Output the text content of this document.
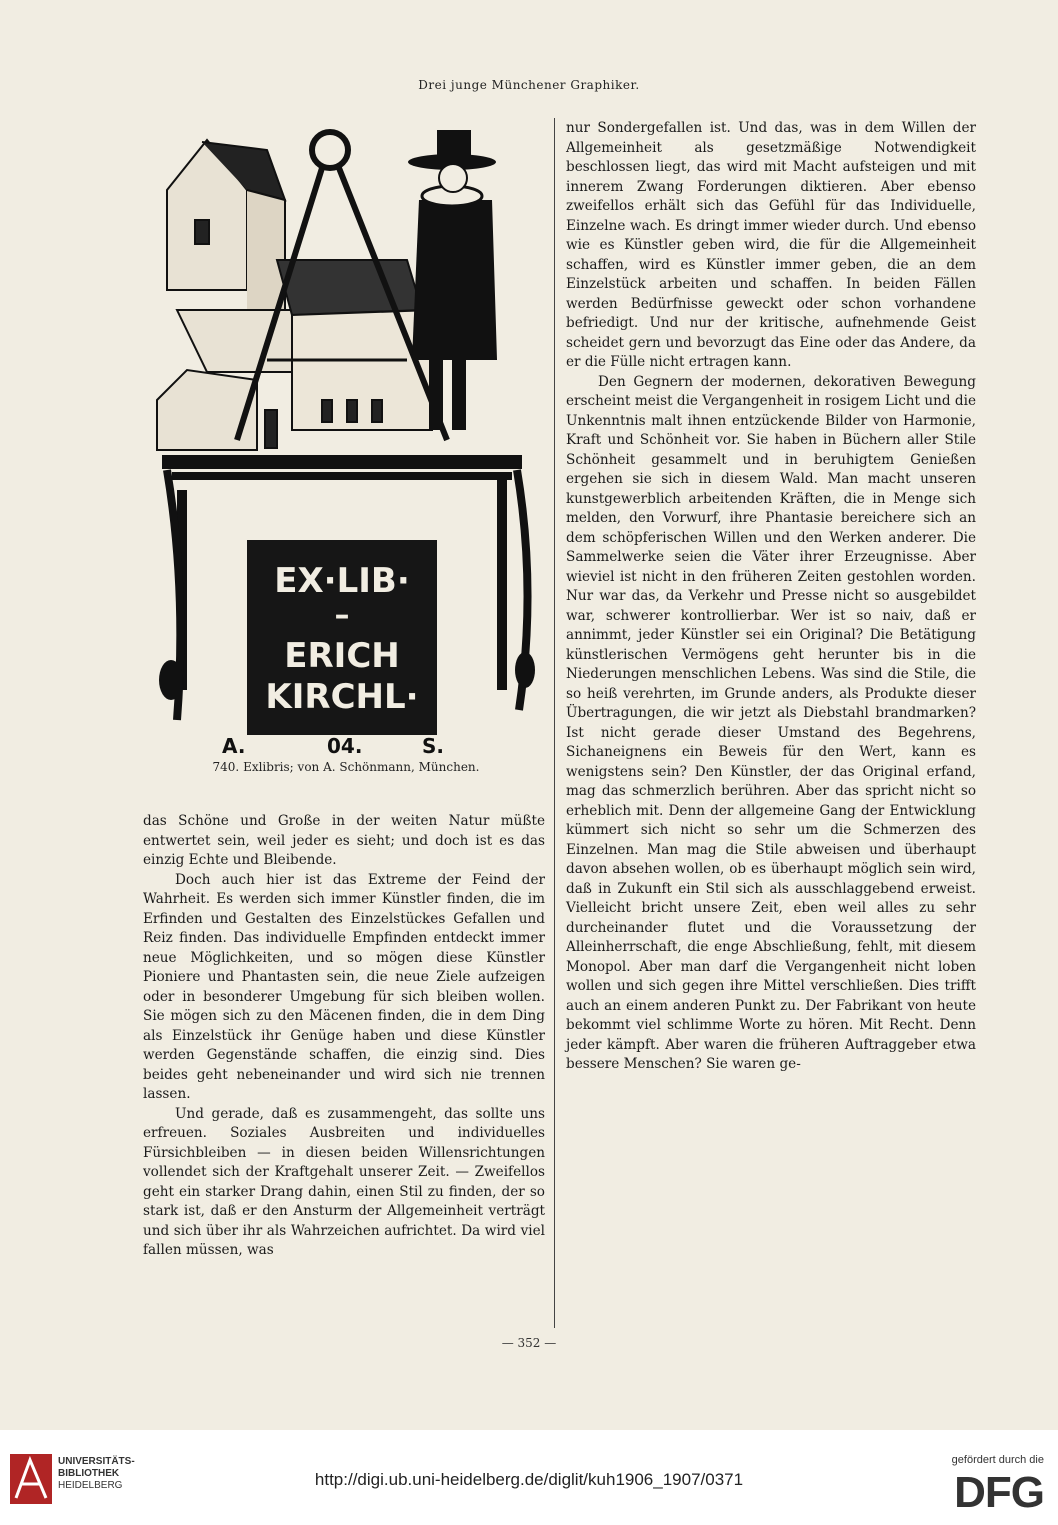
Drei junge Münchener Graphiker.
EX·LIB·
–
ERICH
KIRCHL·
A.	04.	S.
740. Exlibris; von A. Schönmann, München.

das Schöne und Große in der weiten Natur müßte entwertet sein, weil jeder es sieht; und doch ist es das einzig Echte und Bleibende.

Doch auch hier ist das Extreme der Feind der Wahrheit. Es werden sich immer Künstler finden, die im Erfinden und Gestalten des Einzelstückes Gefallen und Reiz finden. Das individuelle Empfinden entdeckt immer neue Möglichkeiten, und so mögen diese Künstler Pioniere und Phantasten sein, die neue Ziele aufzeigen oder in besonderer Umgebung für sich bleiben wollen. Sie mögen sich zu den Mäcenen finden, die in dem Ding als Einzelstück ihr Genüge haben und diese Künstler werden Gegenstände schaffen, die einzig sind. Dies beides geht nebeneinander und wird sich nie trennen lassen.

Und gerade, daß es zusammengeht, das sollte uns erfreuen. Soziales Ausbreiten und individuelles Fürsichbleiben — in diesen beiden Willensrichtungen vollendet sich der Kraftgehalt unserer Zeit. — Zweifellos geht ein starker Drang dahin, einen Stil zu finden, der so stark ist, daß er den Ansturm der Allgemeinheit verträgt und sich über ihr als Wahrzeichen aufrichtet. Da wird viel fallen müssen, was

nur Sondergefallen ist. Und das, was in dem Willen der Allgemeinheit als gesetzmäßige Notwendigkeit beschlossen liegt, das wird mit Macht aufsteigen und mit innerem Zwang Forderungen diktieren. Aber ebenso zweifellos erhält sich das Gefühl für das Individuelle, Einzelne wach. Es dringt immer wieder durch. Und ebenso wie es Künstler geben wird, die für die Allgemeinheit schaffen, wird es Künstler immer geben, die an dem Einzelstück arbeiten und schaffen. In beiden Fällen werden Bedürfnisse geweckt oder schon vorhandene befriedigt. Und nur der kritische, aufnehmende Geist scheidet gern und bevorzugt das Eine oder das Andere, da er die Fülle nicht ertragen kann.

Den Gegnern der modernen, dekorativen Bewegung erscheint meist die Vergangenheit in rosigem Licht und die Unkenntnis malt ihnen entzückende Bilder von Harmonie, Kraft und Schönheit vor. Sie haben in Büchern aller Stile Schönheit gesammelt und in beruhigtem Genießen ergehen sie sich in diesem Wald. Man macht unseren kunstgewerblich arbeitenden Kräften, die in Menge sich melden, den Vorwurf, ihre Phantasie bereichere sich an dem schöpferischen Willen und den Werken anderer. Die Sammelwerke seien die Väter ihrer Erzeugnisse. Aber wieviel ist nicht in den früheren Zeiten gestohlen worden. Nur war das, da Verkehr und Presse nicht so ausgebildet war, schwerer kontrollierbar. Wer ist so naiv, daß er annimmt, jeder Künstler sei ein Original? Die Betätigung künstlerischen Vermögens geht herunter bis in die Niederungen menschlichen Lebens. Was sind die Stile, die so heiß verehrten, im Grunde anders, als Produkte dieser Übertragungen, die wir jetzt als Diebstahl brandmarken? Ist nicht gerade dieser Umstand des Begehrens, Sichaneignens ein Beweis für den Wert, kann es wenigstens sein? Den Künstler, der das Original erfand, mag das schmerzlich berühren. Aber das spricht nicht so erheblich mit. Denn der allgemeine Gang der Entwicklung kümmert sich nicht so sehr um die Schmerzen des Einzelnen. Man mag die Stile abweisen und überhaupt davon absehen wollen, ob es überhaupt möglich sein wird, daß in Zukunft ein Stil sich als ausschlaggebend erweist. Vielleicht bricht unsere Zeit, eben weil alles zu sehr durcheinander flutet und die Voraussetzung der Alleinherrschaft, die enge Abschließung, fehlt, mit diesem Monopol. Aber man darf die Vergangenheit nicht loben wollen und sich gegen ihre Mittel verschließen. Dies trifft auch an einem anderen Punkt zu. Der Fabrikant von heute bekommt viel schlimme Worte zu hören. Mit Recht. Denn jeder kämpft. Aber waren die früheren Auftraggeber etwa bessere Menschen? Sie waren ge-

— 352 —
UNIVERSITÄTS-
BIBLIOTHEK
HEIDELBERG	http://digi.ub.uni-heidelberg.de/diglit/kuh1906_1907/0371
gefördert durch die
DFG
